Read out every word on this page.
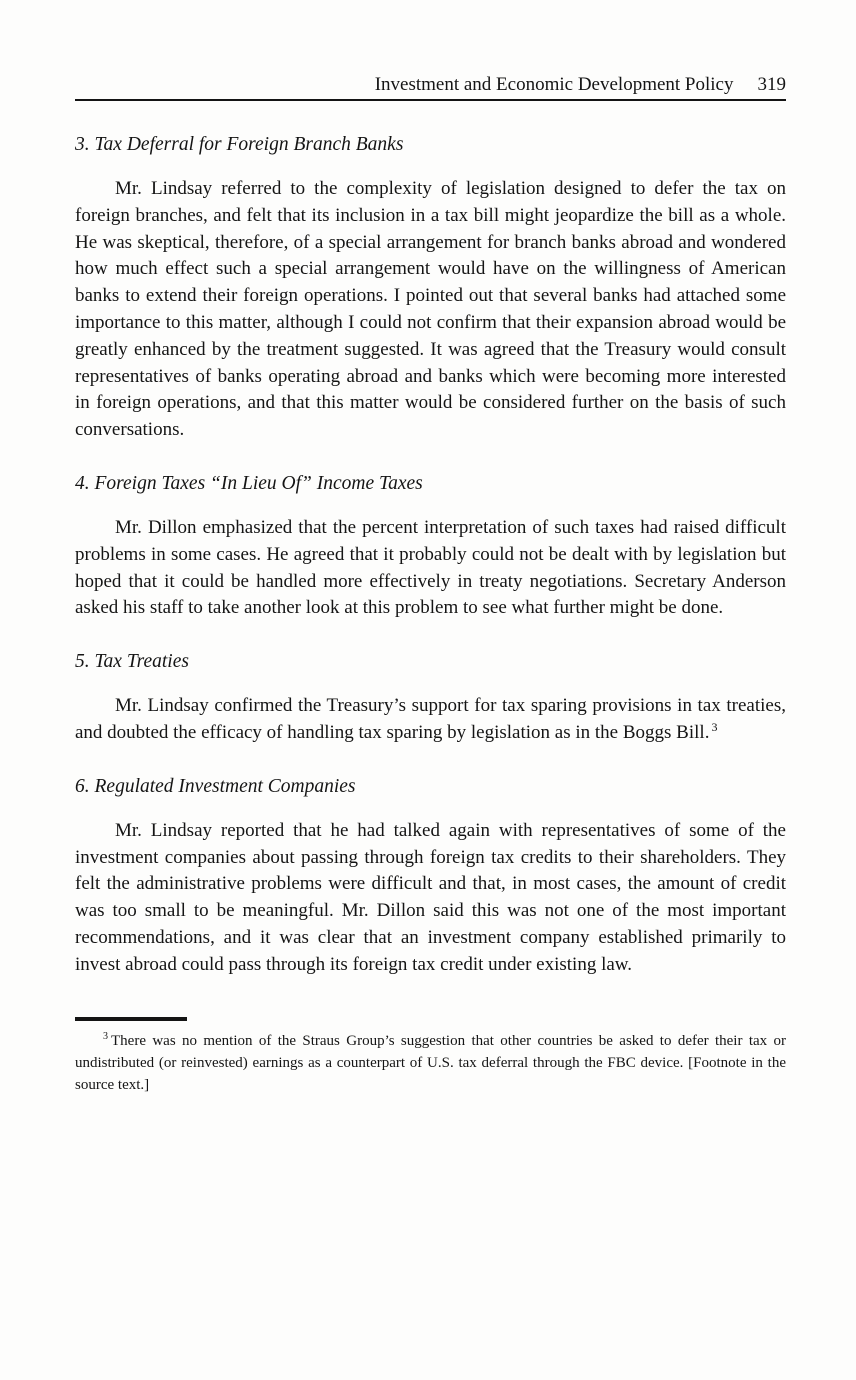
Investment and Economic Development Policy 319
3. Tax Deferral for Foreign Branch Banks

Mr. Lindsay referred to the complexity of legislation designed to defer the tax on foreign branches, and felt that its inclusion in a tax bill might jeopardize the bill as a whole. He was skeptical, therefore, of a special arrangement for branch banks abroad and wondered how much effect such a special arrangement would have on the willingness of American banks to extend their foreign operations. I pointed out that several banks had attached some importance to this matter, although I could not confirm that their expansion abroad would be greatly enhanced by the treatment suggested. It was agreed that the Treasury would consult representatives of banks operating abroad and banks which were becoming more interested in foreign operations, and that this matter would be considered further on the basis of such conversations.

4. Foreign Taxes “In Lieu Of” Income Taxes

Mr. Dillon emphasized that the percent interpretation of such taxes had raised difficult problems in some cases. He agreed that it probably could not be dealt with by legislation but hoped that it could be handled more effectively in treaty negotiations. Secretary Anderson asked his staff to take another look at this problem to see what further might be done.

5. Tax Treaties

Mr. Lindsay confirmed the Treasury’s support for tax sparing provisions in tax treaties, and doubted the efficacy of handling tax sparing by legislation as in the Boggs Bill. $^3$

6. Regulated Investment Companies

Mr. Lindsay reported that he had talked again with representatives of some of the investment companies about passing through foreign tax credits to their shareholders. They felt the administrative problems were difficult and that, in most cases, the amount of credit was too small to be meaningful. Mr. Dillon said this was not one of the most important recommendations, and it was clear that an investment company established primarily to invest abroad could pass through its foreign tax credit under existing law.

$^3$ There was no mention of the Straus Group’s suggestion that other countries be asked to defer their tax or undistributed (or reinvested) earnings as a counterpart of U.S. tax deferral through the FBC device. [Footnote in the source text.]
